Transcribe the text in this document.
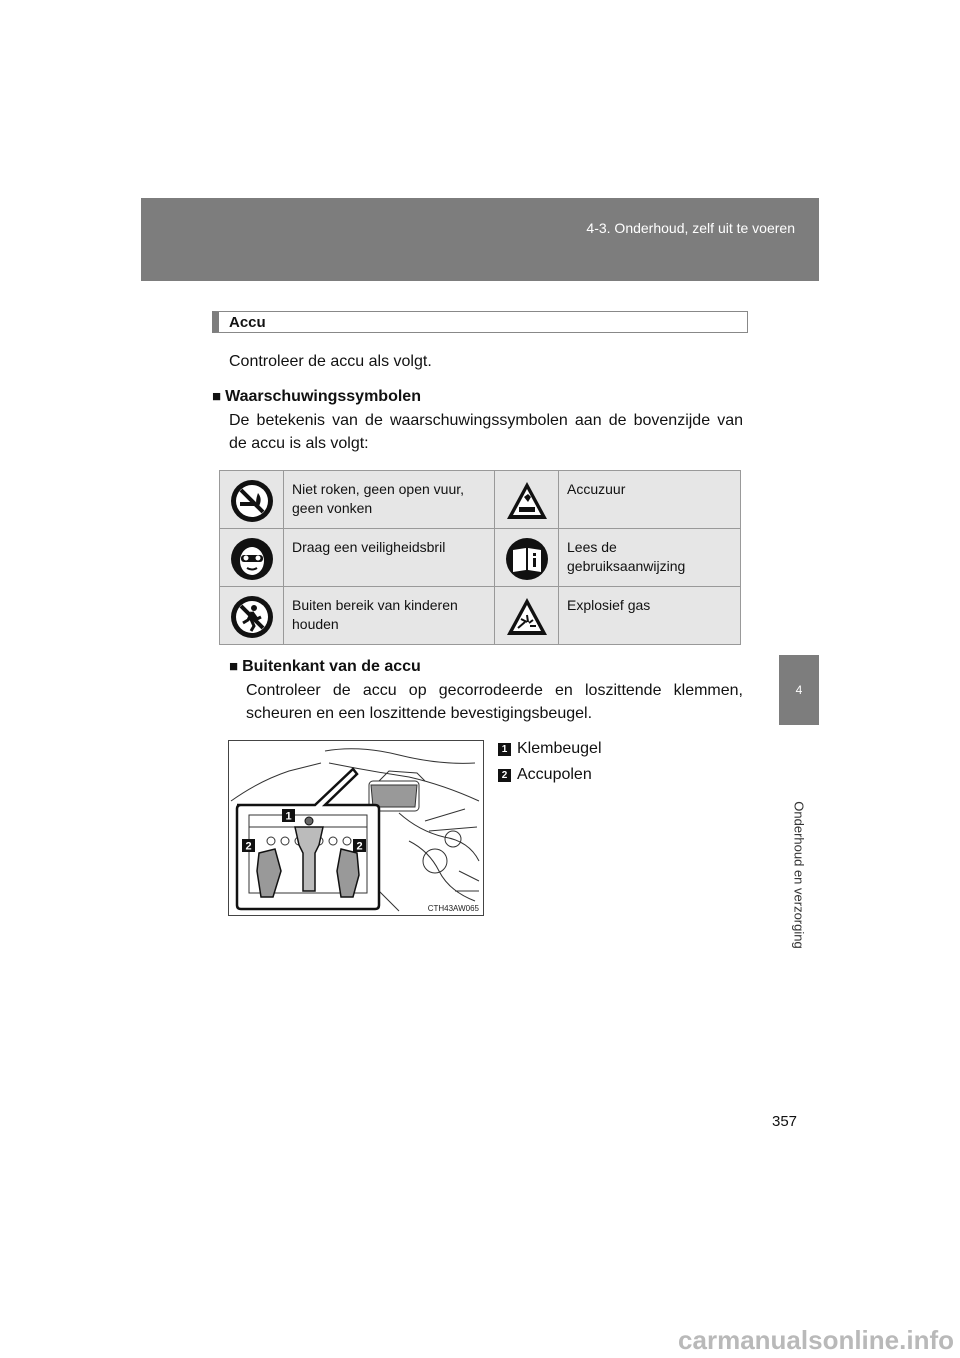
4-3. Onderhoud, zelf uit te voeren
4
Onderhoud en verzorging
Accu
Controleer de accu als volgt.
■ Waarschuwingssymbolen
De betekenis van de waarschuwingssymbolen aan de bovenzijde van de accu is als volgt:
	Niet roken, geen open vuur, geen vonken		Accuzuur
	Draag een veiligheidsbril		Lees de gebruiksaanwijzing
	Buiten bereik van kinderen houden		Explosief gas
■ Buitenkant van de accu
Controleer de accu op gecorrodeerde en loszittende klemmen, scheuren en een loszittende bevestigingsbeugel.
1
2	2
CTH43AW065
1 Klembeugel
2 Accupolen
357
carmanualsonline.info
